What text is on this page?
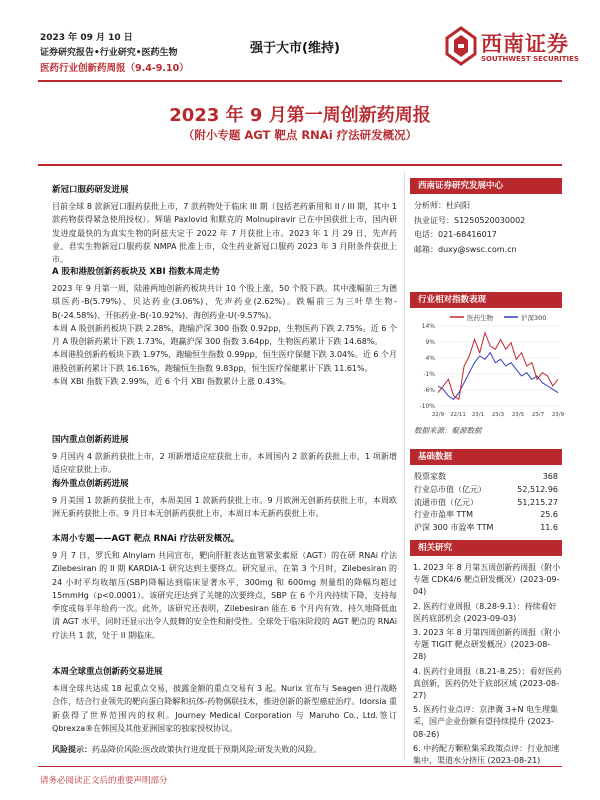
2023 年 09 月 10 日
证券研究报告•行业研究•医药生物
医药行业创新药周报（9.4-9.10）
强于大市(维持)	西南证券
SOUTHWEST SECURITIES
2023 年 9 月第一周创新药周报
（附小专题 AGT 靶点 RNAi 疗法研发概况）
新冠口服药研发进展
目前全球 8 款新冠口服药获批上市，7 款药物处于临床 III 期（包括老药新用和 II / III 期，其中 1 款药物获得紧急使用授权）。辉瑞 Paxlovid 和默克的 Molnupiravir 已在中国获批上市，国内研发进度最快的为真实生物的阿兹夫定于 2022 年 7 月获批上市。2023 年 1 月 29 日，先声药业、君实生物新冠口服药获 NMPA 批准上市，众生药业新冠口服药 2023 年 3 月附条件获批上市。
A 股和港股创新药板块及 XBI 指数本周走势
2023 年 9 月第一周，陆港两地创新药板块共计 10 个股上涨，50 个股下跌。其中涨幅前三为德琪医药-B(5.79%)、贝达药业(3.06%)、先声药业(2.62%)。跌幅前三为三叶草生物-B(-24.58%)、开拓药业-B(-10.92%)、海创药业-U(-9.57%)。
本周 A 股创新药板块下跌 2.28%，跑输沪深 300 指数 0.92pp，生物医药下跌 2.75%。近 6 个月 A 股创新药累计下跌 1.73%，跑赢沪深 300 指数 3.64pp，生物医药累计下跌 14.68%。
本周港股创新药板块下跌 1.97%，跑输恒生指数 0.99pp，恒生医疗保健下跌 3.04%。近 6 个月港股创新药累计下跌 16.16%，跑输恒生指数 9.83pp，恒生医疗保健累计下跌 11.61%。
本周 XBI 指数下跌 2.99%，近 6 个月 XBI 指数累计上涨 0.43%。
国内重点创新药进展
9 月国内 4 款新药获批上市，2 项新增适应症获批上市，本周国内 2 款新药获批上市，1 项新增适应症获批上市。
海外重点创新药进展
9 月美国 1 款新药获批上市，本周美国 1 款新药获批上市。9 月欧洲无创新药获批上市，本周欧洲无新药获批上市。9 月日本无创新药获批上市，本周日本无新药获批上市。
本周小专题——AGT 靶点 RNAi 疗法研发概况。
9 月 7 日，罗氏和 Alnylam 共同宣布，靶向肝脏表达血管紧张素原（AGT）的在研 RNAi 疗法 Zilebesiran 的 II 期 KARDIA-1 研究达到主要终点。研究显示，在第 3 个月时，Zilebesiran 的 24 小时平均收缩压(SBP)降幅达到临床显著水平，300mg 和 600mg 剂量组的降幅均超过 15mmHg（p<0.0001）。该研究还达到了关键的次要终点，SBP 在 6 个月内持续下降，支持每季度或每半年给药一次。此外，该研究还表明，Zilebesiran 能在 6 个月内有效、持久地降低血清 AGT 水平，同时还显示出令人鼓舞的安全性和耐受性。全球处于临床阶段的 AGT 靶点的 RNAi 疗法共 1 款，处于 II 期临床。
本周全球重点创新药交易进展
本周全球共达成 18 起重点交易，披露金额的重点交易有 3 起。Nurix 宣布与 Seagen 进行战略合作，结合行业领先的靶向蛋白降解和抗体-药物偶联技术，推进创新的新型癌症治疗。Idorsia 重新获得了世界范围内的权利。Journey Medical Corporation 与 Maruho Co., Ltd.签订 Qbrexza®在韩国及其他亚洲国家的独家授权协议。
风险提示：药品降价风险;医改政策执行进度低于预期风险;研发失败的风险。
西南证券研究发展中心
分析师：杜向阳
执业证号：S1250520030002
电话：021-68416017
邮箱：duxy@swsc.com.cn
行业相对指数表现
14%
9%
4%
-1%
-6%
-10%
22/9 22/11 23/1 23/3 23/5 23/7 23/9
医药生物	沪深300
数据来源：聚源数据
基础数据
股票家数	368
行业总市值（亿元）	52,512.96
流通市值（亿元）	51,215.27
行业市盈率 TTM	25.6
沪深 300 市盈率 TTM	11.6
相关研究
1. 2023 年 8 月第五周创新药周报（附小专题 CDK4/6 靶点研发概况）(2023-09-04)
2. 医药行业周报（8.28-9.1）：持续看好医药底部机会 (2023-09-03)
3. 2023 年 8 月第四周创新药周报（附小专题 TIGIT 靶点研发概况）(2023-08-28)
4. 医药行业周报（8.21-8.25）：看好医药真创新，医药仍处于底部区域 (2023-08-27)
5. 医药行业点评：京津冀 3+N 电生理集采，国产企业份额有望持续提升 (2023-08-26)
6. 中药配方颗粒集采政策点评：行业加速集中，渠道水分挤压 (2023-08-21)
请务必阅读正文后的重要声明部分
